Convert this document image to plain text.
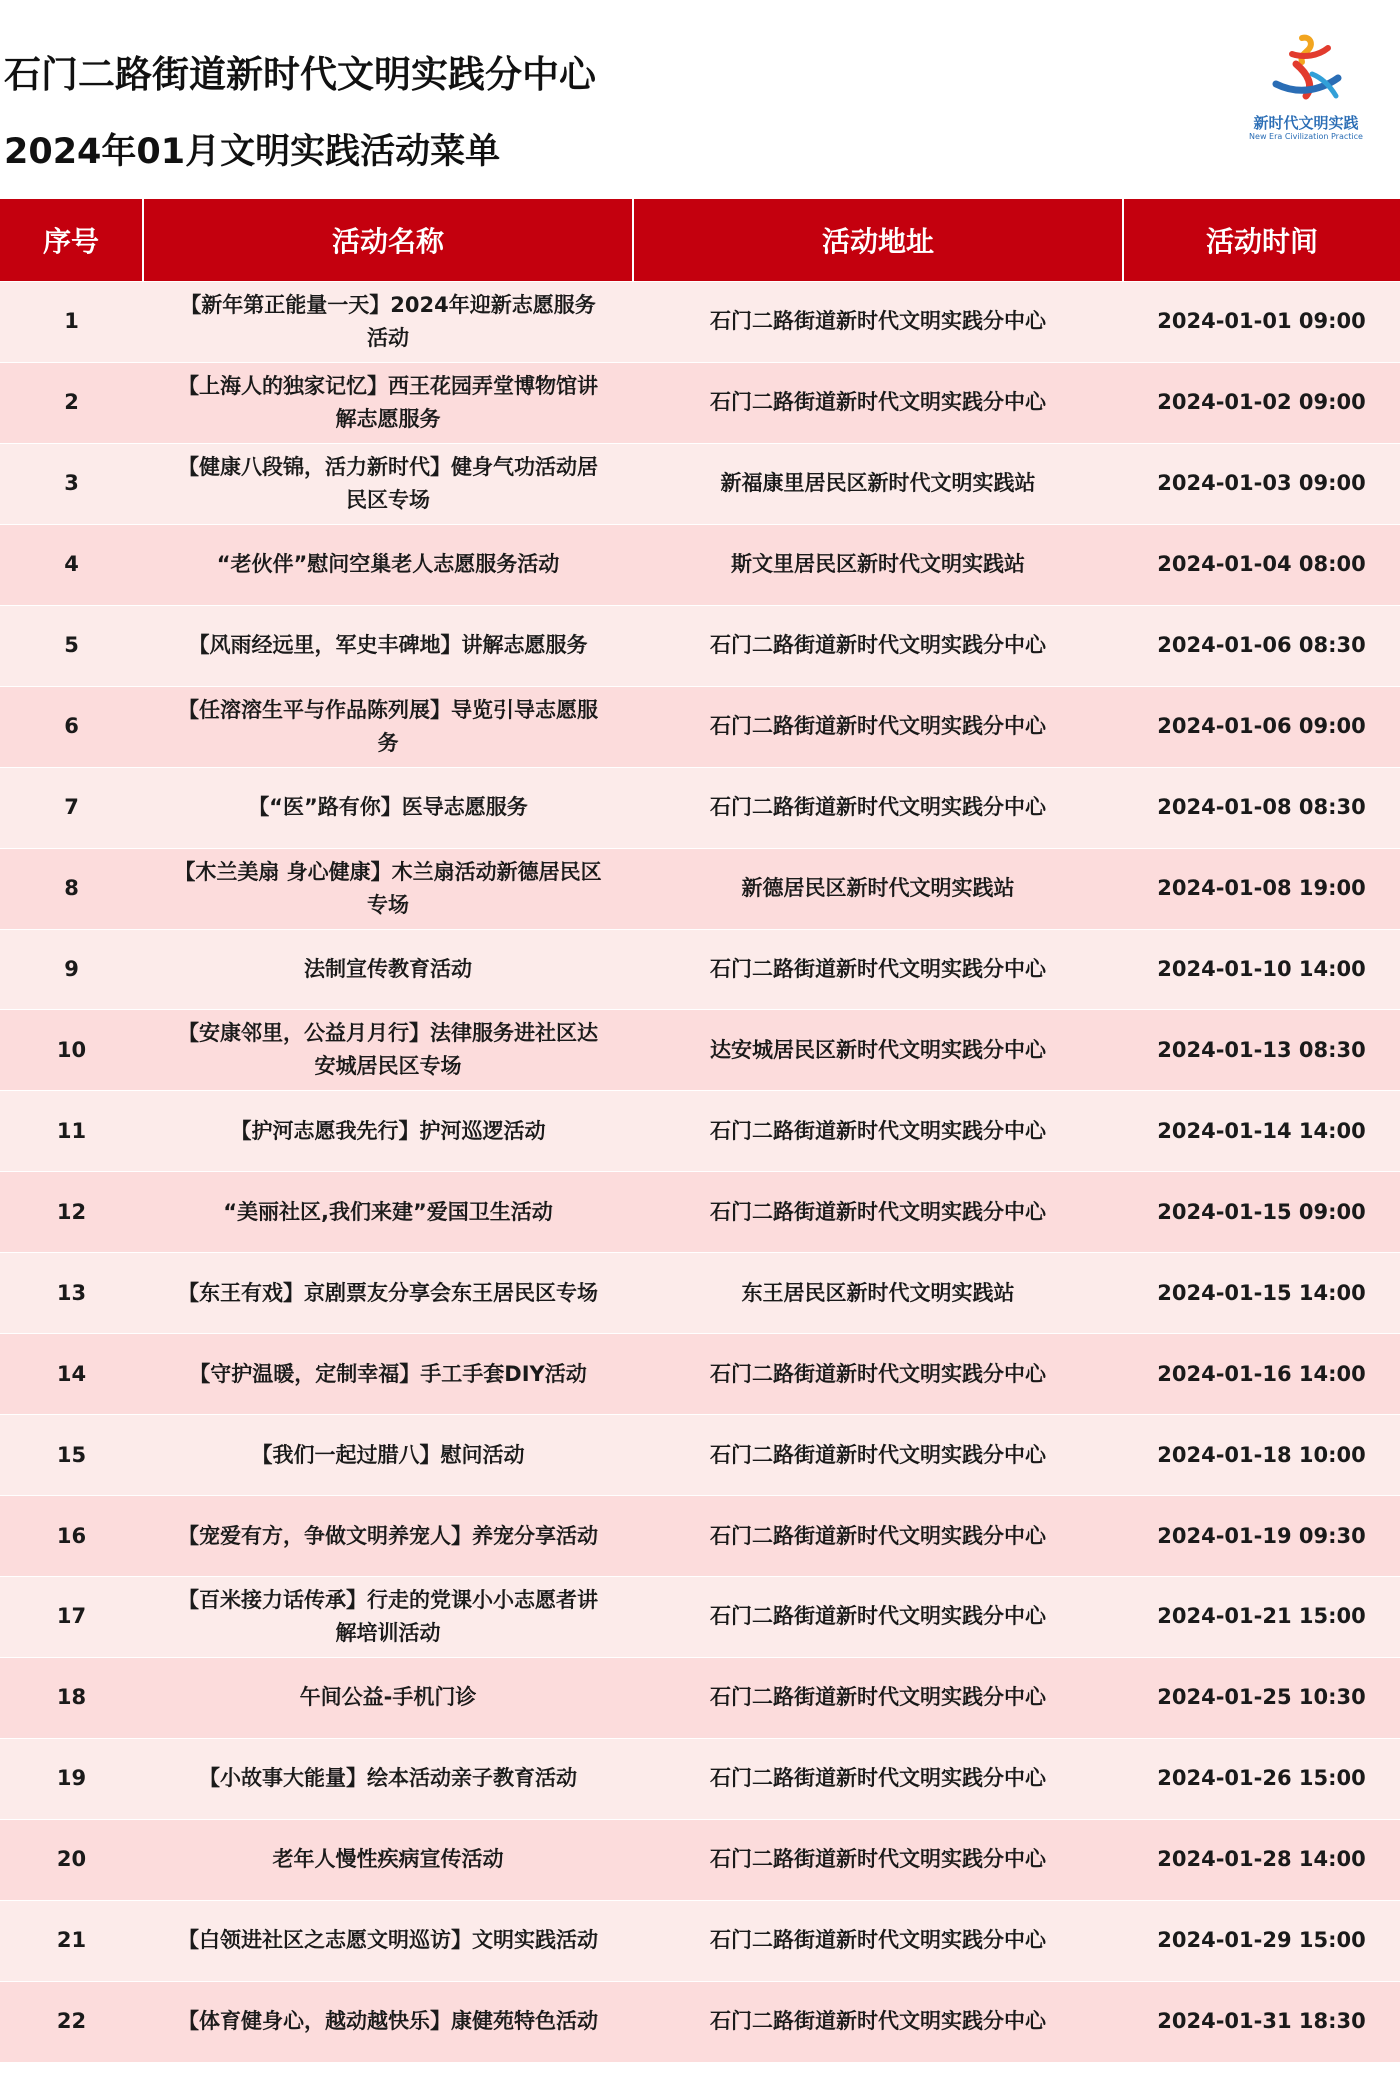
石门二路街道新时代文明实践分中心
2024年01月文明实践活动菜单
新时代文明实践
New Era Civilization Practice
序号	活动名称	活动地址	活动时间
1	【新年第正能量一天】2024年迎新志愿服务活动	石门二路街道新时代文明实践分中心	2024-01-01 09:00
2	【上海人的独家记忆】西王花园弄堂博物馆讲解志愿服务	石门二路街道新时代文明实践分中心	2024-01-02 09:00
3	【健康八段锦，活力新时代】健身气功活动居民区专场	新福康里居民区新时代文明实践站	2024-01-03 09:00
4	“老伙伴”慰问空巢老人志愿服务活动	斯文里居民区新时代文明实践站	2024-01-04 08:00
5	【风雨经远里，军史丰碑地】讲解志愿服务	石门二路街道新时代文明实践分中心	2024-01-06 08:30
6	【任溶溶生平与作品陈列展】导览引导志愿服务	石门二路街道新时代文明实践分中心	2024-01-06 09:00
7	【“医”路有你】医导志愿服务	石门二路街道新时代文明实践分中心	2024-01-08 08:30
8	【木兰美扇 身心健康】木兰扇活动新德居民区专场	新德居民区新时代文明实践站	2024-01-08 19:00
9	法制宣传教育活动	石门二路街道新时代文明实践分中心	2024-01-10 14:00
10	【安康邻里，公益月月行】法律服务进社区达安城居民区专场	达安城居民区新时代文明实践分中心	2024-01-13 08:30
11	【护河志愿我先行】护河巡逻活动	石门二路街道新时代文明实践分中心	2024-01-14 14:00
12	“美丽社区,我们来建”爱国卫生活动	石门二路街道新时代文明实践分中心	2024-01-15 09:00
13	【东王有戏】京剧票友分享会东王居民区专场	东王居民区新时代文明实践站	2024-01-15 14:00
14	【守护温暖，定制幸福】手工手套DIY活动	石门二路街道新时代文明实践分中心	2024-01-16 14:00
15	【我们一起过腊八】慰问活动	石门二路街道新时代文明实践分中心	2024-01-18 10:00
16	【宠爱有方，争做文明养宠人】养宠分享活动	石门二路街道新时代文明实践分中心	2024-01-19 09:30
17	【百米接力话传承】行走的党课小小志愿者讲解培训活动	石门二路街道新时代文明实践分中心	2024-01-21 15:00
18	午间公益-手机门诊	石门二路街道新时代文明实践分中心	2024-01-25 10:30
19	【小故事大能量】绘本活动亲子教育活动	石门二路街道新时代文明实践分中心	2024-01-26 15:00
20	老年人慢性疾病宣传活动	石门二路街道新时代文明实践分中心	2024-01-28 14:00
21	【白领进社区之志愿文明巡访】文明实践活动	石门二路街道新时代文明实践分中心	2024-01-29 15:00
22	【体育健身心，越动越快乐】康健苑特色活动	石门二路街道新时代文明实践分中心	2024-01-31 18:30
